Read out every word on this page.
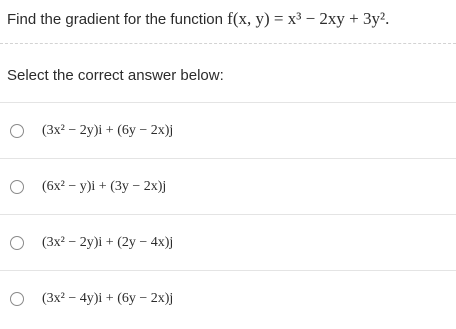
Find the gradient for the function f(x, y) = x³ − 2xy + 3y².
Select the correct answer below:
(3x² − 2y)i + (6y − 2x)j
(6x² − y)i + (3y − 2x)j
(3x² − 2y)i + (2y − 4x)j
(3x² − 4y)i + (6y − 2x)j
